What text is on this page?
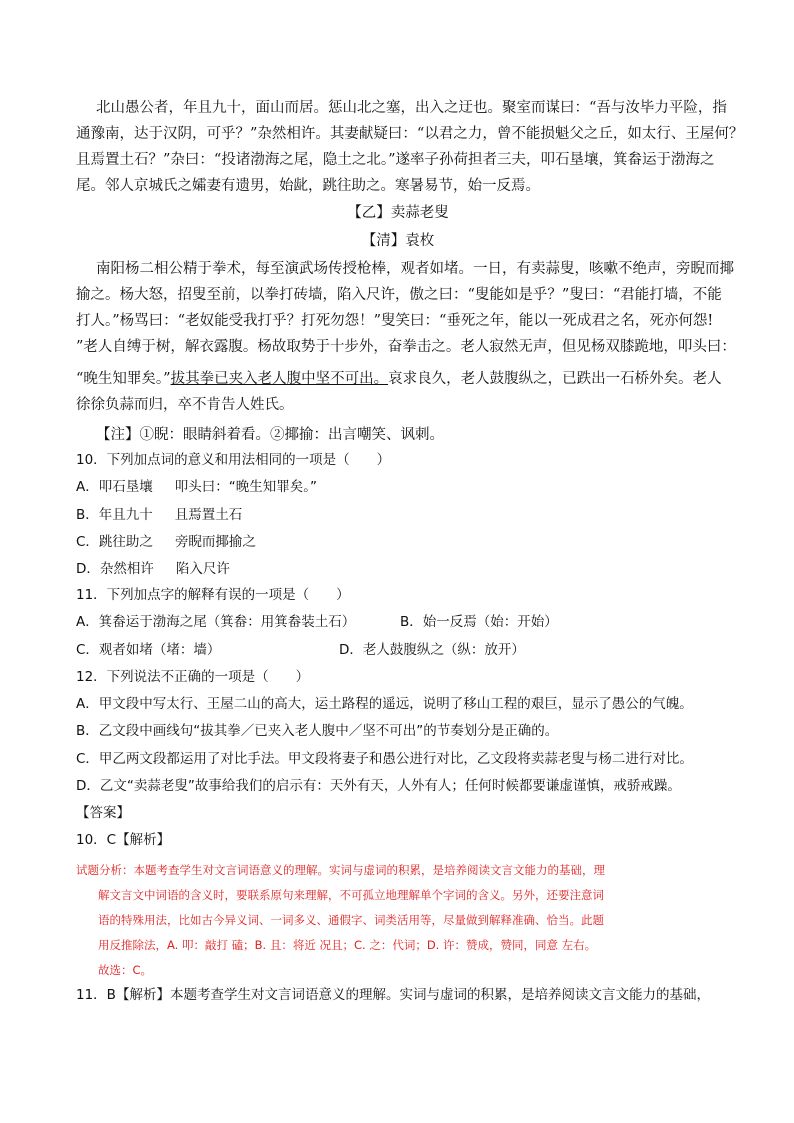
北山愚公者，年且九十，面山而居。惩山北之塞，出入之迂也。聚室而谋曰：“吾与汝毕力平险，指

通豫南，达于汉阴，可乎？”杂然相许。其妻献疑曰：“以君之力，曾不能损魁父之丘，如太行、王屋何？

且焉置土石？”杂曰：“投诸渤海之尾，隐土之北。”遂率子孙荷担者三夫，叩石垦壤，箕畚运于渤海之

尾。邻人京城氏之孀妻有遗男，始龀，跳往助之。寒暑易节，始一反焉。

【乙】卖蒜老叟

【清】袁枚

南阳杨二相公精于拳术，每至演武场传授枪棒，观者如堵。一日，有卖蒜叟，咳嗽不绝声，旁睨而揶

揄之。杨大怒，招叟至前，以拳打砖墙，陷入尺许，傲之曰：“叟能如是乎？”叟曰：“君能打墙，不能

打人。”杨骂曰：“老奴能受我打乎？打死勿怨！”叟笑曰：“垂死之年，能以一死成君之名，死亦何怨!

”老人自缚于树，解衣露腹。杨故取势于十步外，奋拳击之。老人寂然无声，但见杨双膝跪地，叩头曰：

“晚生知罪矣。”拔其拳已夹入老人腹中坚不可出。哀求良久，老人鼓腹纵之，已跌出一石桥外矣。老人

徐徐负蒜而归，卒不肯告人姓氏。

【注】①睨：眼睛斜着看。②揶揄：出言嘲笑、讽刺。

10．下列加点词的意义和用法相同的一项是（　　）

A．叩石垦壤 叩头曰：“晚生知罪矣。”

B．年且九十 且焉置土石

C．跳往助之 旁睨而揶揄之

D．杂然相许 陷入尺许

11．下列加点字的解释有误的一项是（　　）

A．箕畚运于渤海之尾（箕畚：用箕畚装土石）	B．始一反焉（始：开始）

C．观者如堵（堵：墙）	D．老人鼓腹纵之（纵：放开）

12．下列说法不正确的一项是（　　）

A．甲文段中写太行、王屋二山的高大，运土路程的遥远，说明了移山工程的艰巨，显示了愚公的气魄。

B．乙文段中画线句“拔其拳／已夹入老人腹中／坚不可出”的节奏划分是正确的。

C．甲乙两文段都运用了对比手法。甲文段将妻子和愚公进行对比，乙文段将卖蒜老叟与杨二进行对比。

D．乙文“卖蒜老叟”故事给我们的启示有：天外有天，人外有人；任何时候都要谦虚谨慎，戒骄戒躁。

【答案】

10．C【解析】

试题分析：本题考查学生对文言词语意义的理解。实词与虚词的积累，是培养阅读文言文能力的基础，理
解文言文中词语的含义时，要联系原句来理解，不可孤立地理解单个字词的含义。另外，还要注意词
语的特殊用法，比如古今异义词、一词多义、通假字、词类活用等，尽量做到解释准确、恰当。此题
用反推除法，A. 叩：敲打 磕；B. 且：将近 况且；C. 之：代词；D. 许：赞成，赞同，同意 左右。
故选：C。

11．B【解析】本题考查学生对文言词语意义的理解。实词与虚词的积累，是培养阅读文言文能力的基础，
